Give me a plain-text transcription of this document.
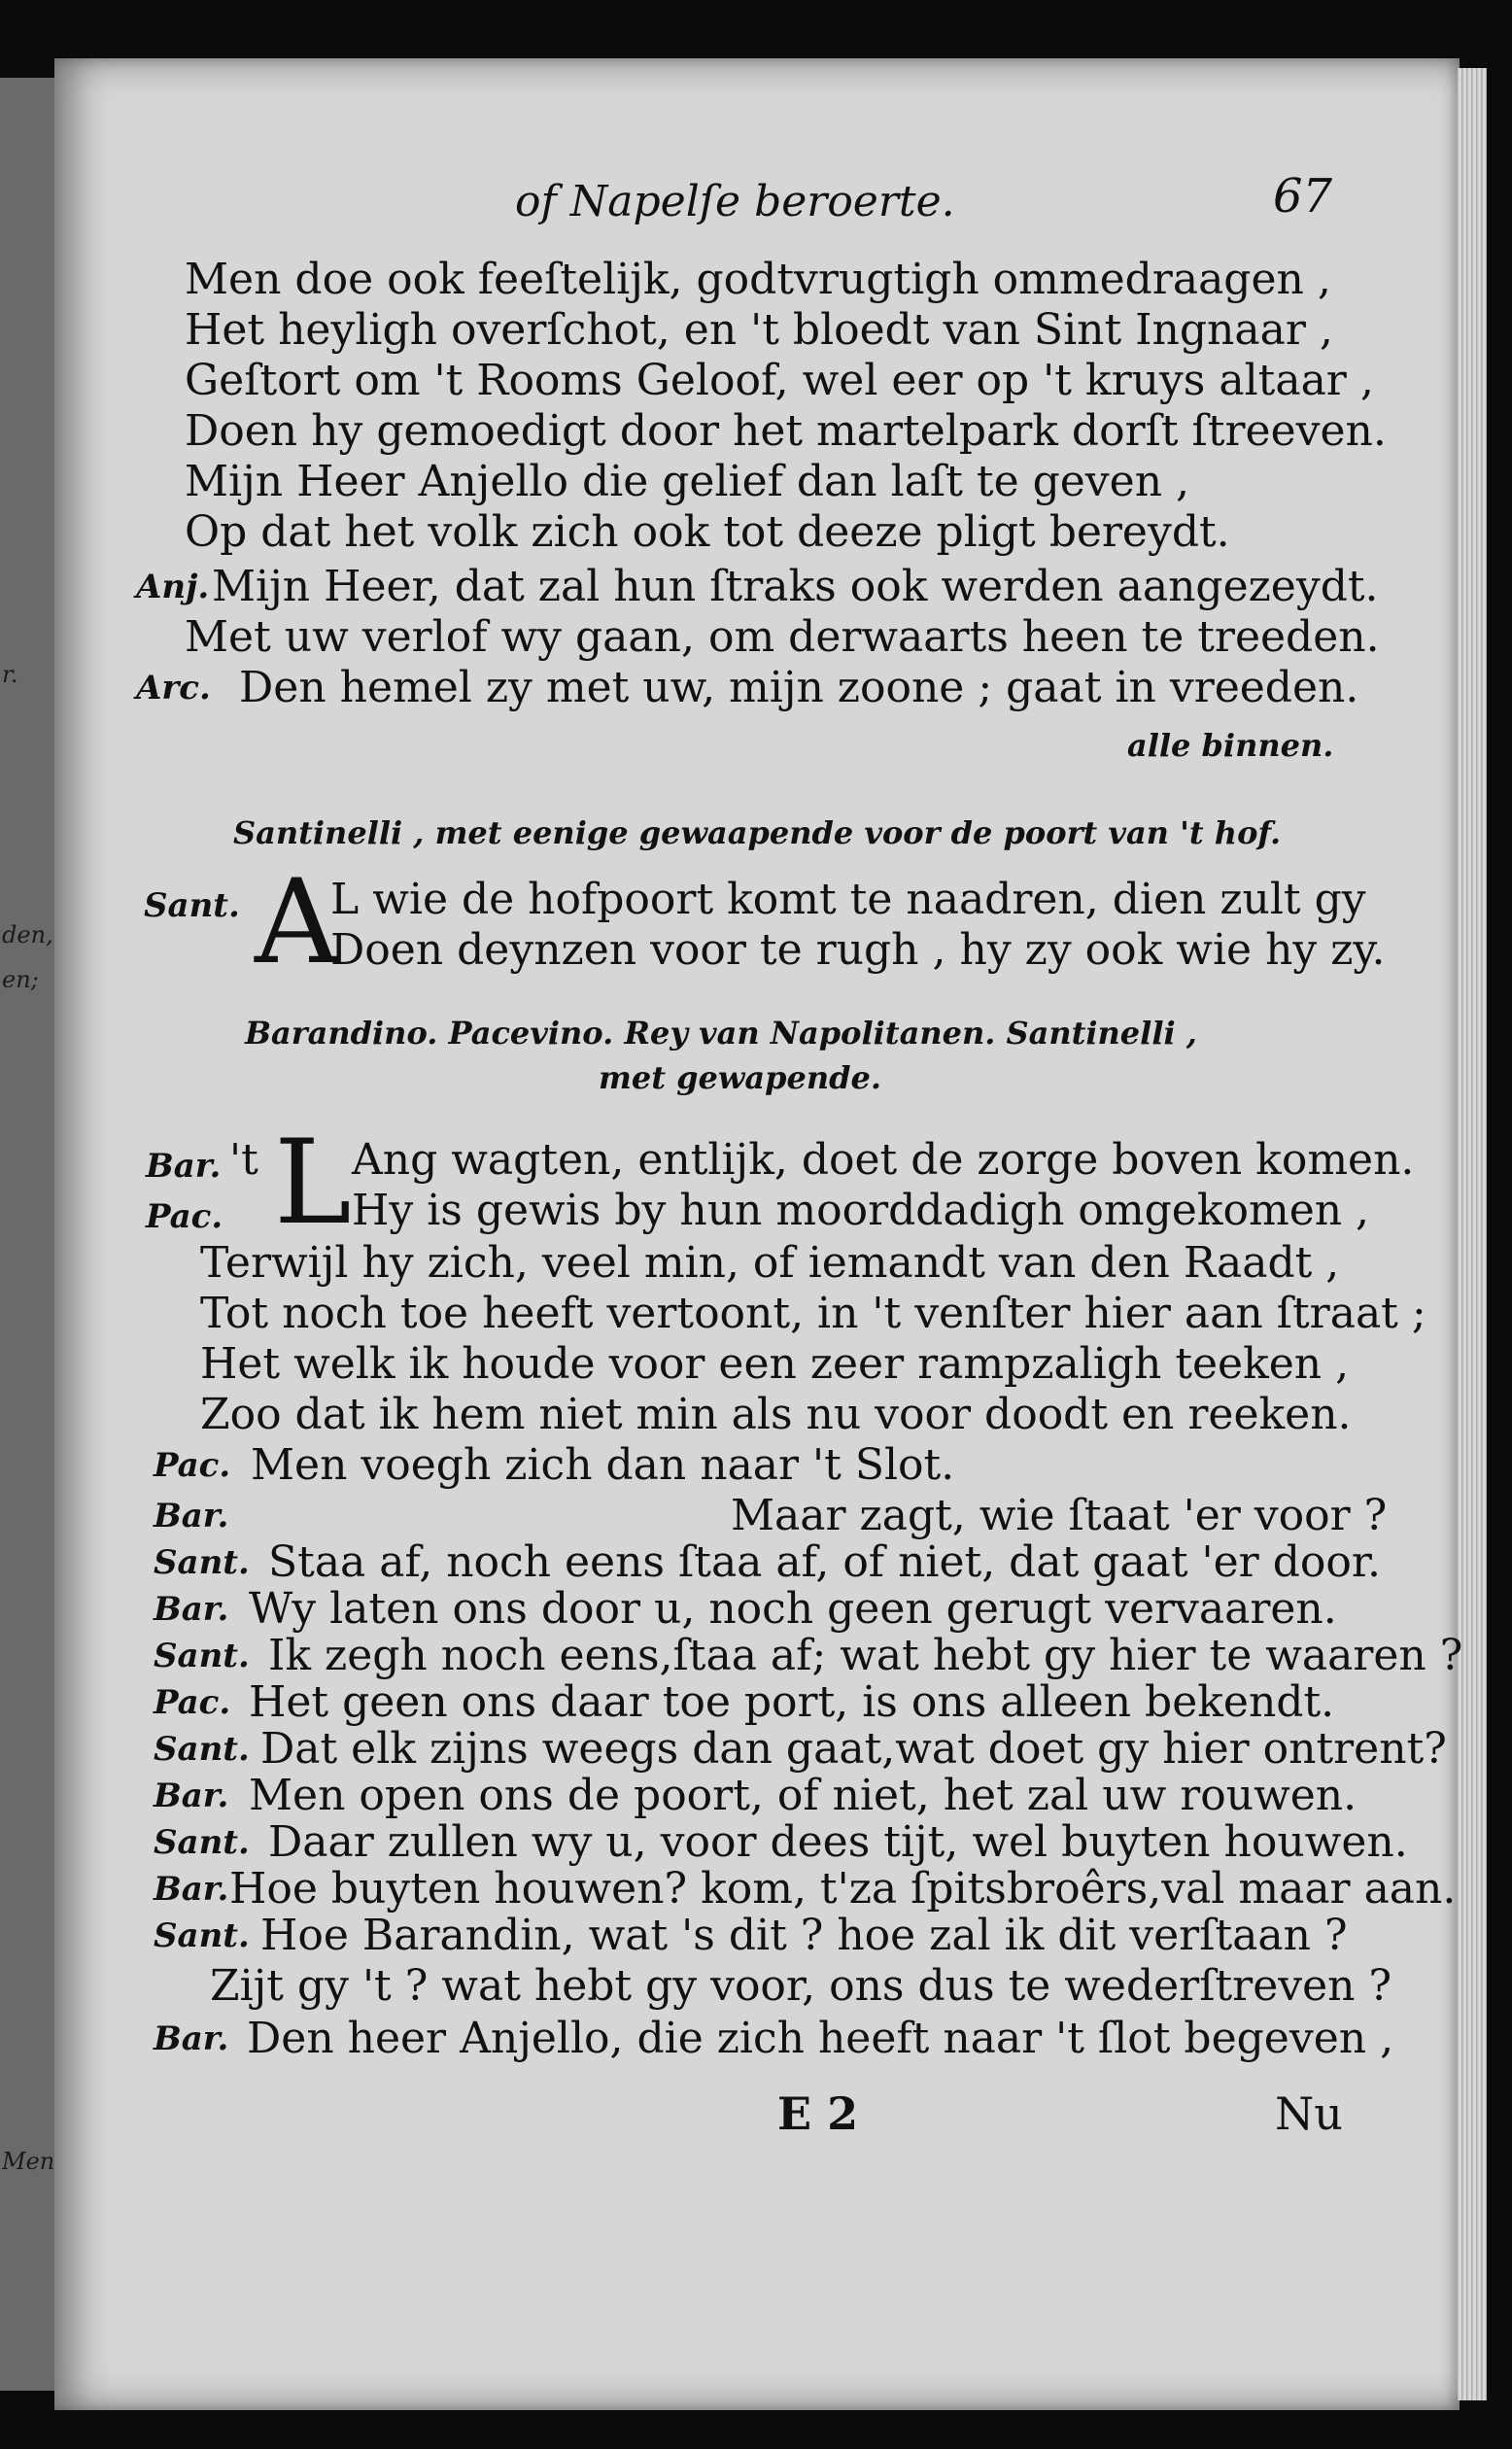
r.
den,
en;
Men
of Napelſe beroerte.	67
Men doe ook feeſtelijk, godtvrugtigh ommedraagen ,
Het heyligh overſchot, en 't bloedt van Sint Ingnaar ,
Geſtort om 't Rooms Geloof, wel eer op 't kruys altaar ,
Doen hy gemoedigt door het martelpark dorſt ſtreeven.
Mijn Heer Anjello die gelief dan laſt te geven ,
Op dat het volk zich ook tot deeze pligt bereydt.
Anj. Mijn Heer, dat zal hun ſtraks ook werden aangezeydt.
Met uw verlof wy gaan, om derwaarts heen te treeden.
Arc. Den hemel zy met uw, mijn zoone ; gaat in vreeden.
alle binnen.
Santinelli , met eenige gewaapende voor de poort van 't hof.
Sant. A
L wie de hofpoort komt te naadren, dien zult gy
Doen deynzen voor te rugh , hy zy ook wie hy zy.
Barandino. Pacevino. Rey van Napolitanen. Santinelli ,
met gewapende.
Bar. 't L Ang wagten, entlijk, doet de zorge boven komen.
Pac.	Hy is gewis by hun moorddadigh omgekomen ,
Terwijl hy zich, veel min, of iemandt van den Raadt ,
Tot noch toe heeft vertoont, in 't venſter hier aan ſtraat ;
Het welk ik houde voor een zeer rampzaligh teeken ,
Zoo dat ik hem niet min als nu voor doodt en reeken.
Pac. Men voegh zich dan naar 't Slot.
Bar.	Maar zagt, wie ſtaat 'er voor ?
Sant. Staa af, noch eens ſtaa af, of niet, dat gaat 'er door.
Bar. Wy laten ons door u, noch geen gerugt vervaaren.
Sant. Ik zegh noch eens,ſtaa af; wat hebt gy hier te waaren ?
Pac. Het geen ons daar toe port, is ons alleen bekendt.
Sant. Dat elk zijns weegs dan gaat,wat doet gy hier ontrent?
Bar. Men open ons de poort, of niet, het zal uw rouwen.
Sant. Daar zullen wy u, voor dees tijt, wel buyten houwen.
Bar. Hoe buyten houwen? kom, t'za ſpitsbroêrs,val maar aan.
Sant. Hoe Barandin, wat 's dit ? hoe zal ik dit verſtaan ?
Zijt gy 't ? wat hebt gy voor, ons dus te wederſtreven ?
Bar. Den heer Anjello, die zich heeft naar 't ſlot begeven ,
E 2	Nu
